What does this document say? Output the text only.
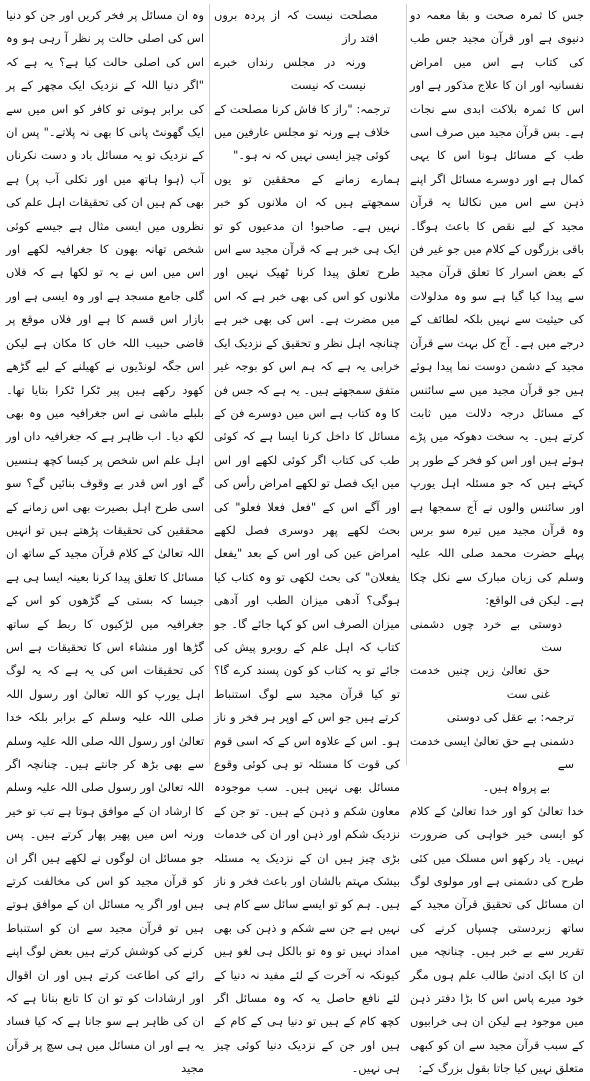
جس کا ثمرہ صحت و بقا معمہ دو دنیوی ہے اور قرآن مجید جس طب کی کتاب ہے اس میں امراض نفسانیہ اور ان کا علاج مذکور ہے اور اس کا ثمرہ بلاکت ابدی سے نجات ہے۔ بس قرآن مجید میں صرف اسی طب کے مسائل ہونا اس کا یہی کمال ہے اور دوسرے مسائل اگر اپنے ذہن سے اس میں نکالنا یہ قرآن مجید کے لیے نقص کا باعث ہوگا۔ باقی بزرگوں کے کلام میں جو غیر فن کے بعض اسرار کا تعلق قرآن مجید سے پیدا کیا گیا ہے سو وہ مدلولات کی حیثیت سے نہیں بلکہ لطائف کے درجے میں ہے۔ آج کل بہت سے قرآن مجید کے دشمن دوست نما پیدا ہوئے ہیں جو قرآن مجید میں سے سائنس کے مسائل درجہ دلالت میں ثابت کرتے ہیں۔ یہ سخت دھوکہ میں پڑے ہوئے ہیں اور اس کو فخر کے طور پر کہتے ہیں کہ جو مسئلہ اہل یورپ اور سائنس والوں نے آج سمجھا ہے وہ قرآن مجید میں تیرہ سو برس پہلے حضرت محمد صلی اللہ علیہ وسلم کی زبان مبارک سے نکل چکا ہے۔ لیکن فی الواقع:

دوستی بے خرد چوں دشمنی ست

حق تعالیٰ زیں چنیں خدمت غنی ست

ترجمہ: بے عقل کی دوستی

دشمنی ہے حق تعالیٰ ایسی خدمت سے

بے پرواہ ہیں۔

خدا تعالیٰ کو اور خدا تعالیٰ کے کلام کو ایسی خیر خواہی کی ضرورت نہیں۔ یاد رکھو اس مسلک میں کئی طرح کی دشمنی ہے اور مولوی لوگ ان مسائل کی تحقیق قرآن مجید کے ساتھ زبردستی چسپاں کرنے کی تقریر سے بے خبر ہیں۔ چنانچہ میں ان کا ایک ادنیٰ طالب علم ہوں مگر خود میرے پاس اس کا بڑا دفتر ذہن میں موجود ہے لیکن ان ہی خرابیوں کے سبب قرآن مجید سے ان کو کبھی متعلق نہیں کیا جاتا بقول بزرگ کے:

مصلحت نیست کہ از پردہ بروں افتد راز

ورنہ در مجلس رنداں خبرے نیست کہ نیست

ترجمہ: "راز کا فاش کرنا مصلحت کے خلاف ہے ورنہ تو مجلس عارفین میں کوئی چیز ایسی نہیں کہ نہ ہو۔"

ہمارے زمانے کے محققین تو یوں سمجھتے ہیں کہ ان ملانوں کو خبر نہیں ہے۔ صاحبو! ان مدعیوں کو تو ایک ہی خبر ہے کہ قرآن مجید سے اس طرح تعلق پیدا کرنا ٹھیک نہیں اور ملانوں کو اس کی بھی خبر ہے کہ اس میں مضرت ہے۔ اس کی بھی خبر ہے چنانچہ اہل نظر و تحقیق کے نزدیک ایک خرابی یہ ہے کہ ہم اس کو بوجہ غیر متفق سمجھتے ہیں۔ یہ ہے کہ جس فن کا وہ کتاب ہے اس میں دوسرے فن کے مسائل کا داخل کرنا ایسا ہے کہ کوئی طب کی کتاب اگر کوئی لکھے اور اس میں ایک فصل تو لکھے امراض رأس کی اور آگے اس کے "فعل فعلا فعلو" کی بحث لکھے پھر دوسری فصل لکھے امراض عین کی اور اس کے بعد "یفعل یفعلان" کی بحث لکھی تو وہ کتاب کیا ہوگی؟ آدھی میزان الطب اور آدھی میزان الصرف اس کو کہا جائے گا۔ جو کتاب کہ اہل علم کے روبرو پیش کی جائے تو یہ کتاب کو کون پسند کرے گا؟ تو کیا قرآن مجید سے لوگ استنباط کرتے ہیں جو اس کے اوپر ہر فخر و ناز ہو۔ اس کے علاوہ اس کے کہ اسی قوم کی قوت کا مسئلہ تو ہی کوئی وقوع مسائل بھی نہیں ہیں۔ سب موجودہ معاون شکم و ذہن کے ہیں۔ تو جن کے نزدیک شکم اور ذہن اور ان کی خدمات بڑی چیز ہیں ان کے نزدیک یہ مسئلہ بیشک مہتم بالشان اور باعث فخر و ناز ہیں۔ ہم کو تو ایسے سائل سے کام ہی نہیں ہے جن سے شکم و ذہن کی بھی امداد نہیں تو وہ تو بالکل ہی لغو ہیں کیونکہ نہ آخرت کے لئے مفید نہ دنیا کے لئے نافع حاصل یہ کہ وہ مسائل اگر کچھ کام کے ہیں تو دنیا ہی کے کام کے ہیں اور جن کے نزدیک دنیا کوئی چیز ہی نہیں۔

وہ ان مسائل پر فخر کریں اور جن کو دنیا اس کی اصلی حالت پر نظر آ رہی ہو وہ اس کی اصلی حالت کیا ہے؟ یہ ہے کہ "اگر دنیا اللہ کے نزدیک ایک مچھر کے پر کی برابر ہوتی تو کافر کو اس میں سے ایک گھونٹ پانی کا بھی نہ پلاتے۔" پس ان کے نزدیک تو یہ مسائل باد و دست نکرناں آب (ہوا ہاتھ میں اور تکلی آب پر) ہے بھی کم ہیں ان کی تحقیقات اہل علم کی نظروں میں ایسی مثال ہے جیسے کوئی شخص تھانہ بھون کا جغرافیہ لکھے اور اس میں اس نے یہ تو لکھا ہے کہ فلاں گلی جامع مسجد ہے اور وہ ایسی ہے اور بازار اس قسم کا ہے اور فلاں موقع پر قاضی حبیب اللہ خاں کا مکان ہے لیکن اس جگہ لونڈیوں نے کھیلنے کے لیے گڑھے کھود رکھے ہیں پیر ٹکرا ٹکرا بتایا تھا۔ بلبلے ماشی نے اس جغرافیہ میں وہ بھی لکھ دیا۔ اب ظاہر ہے کہ جغرافیہ داں اور اہل علم اس شخص پر کیسا کچھ ہنسیں گے اور اس قدر بے وقوف بنائیں گے؟ سو اسی طرح اہل بصیرت بھی اس زمانے کے محققین کی تحقیقات پڑھتے ہیں تو انہیں اللہ تعالیٰ کے کلام قرآن مجید کے ساتھ ان مسائل کا تعلق پیدا کرنا بعینہ ایسا ہی ہے جیسا کہ بستی کے گڑھوں کو اس کے جغرافیہ میں لڑکیوں کا ربط کے ساتھ گڑھا اور منشاء اس کا تحقیقات ہے اس کی تحقیقات اس کی یہ ہے کہ یہ لوگ اہل یورپ کو اللہ تعالیٰ اور رسول اللہ صلی اللہ علیہ وسلم کے برابر بلکہ خدا تعالیٰ اور رسول اللہ صلی اللہ علیہ وسلم سے بھی بڑھ کر جانتے ہیں۔ چنانچہ اگر اللہ تعالیٰ اور رسول صلی اللہ علیہ وسلم کا ارشاد ان کے موافق ہوتا ہے تب تو خیر ورنہ اس میں پھیر پھار کرتے ہیں۔ پس جو مسائل ان لوگوں نے لکھے ہیں اگر ان کو قرآن مجید کو اس کی مخالفت کرتے ہیں اور اگر یہ مسائل ان کے موافق ہوتے ہیں تو قرآن مجید سے ان کو استنباط کرنے کی کوشش کرتے ہیں بعض لوگ اپنے رائے کی اطاعت کرتے ہیں اور ان اقوال اور ارشادات کو تو ان کا تابع بنانا ہے کہ ان کی ظاہر ہے سو جانا ہے کہ کیا فساد یہ ہے اور ان مسائل میں ہی سچ پر قرآن مجید
